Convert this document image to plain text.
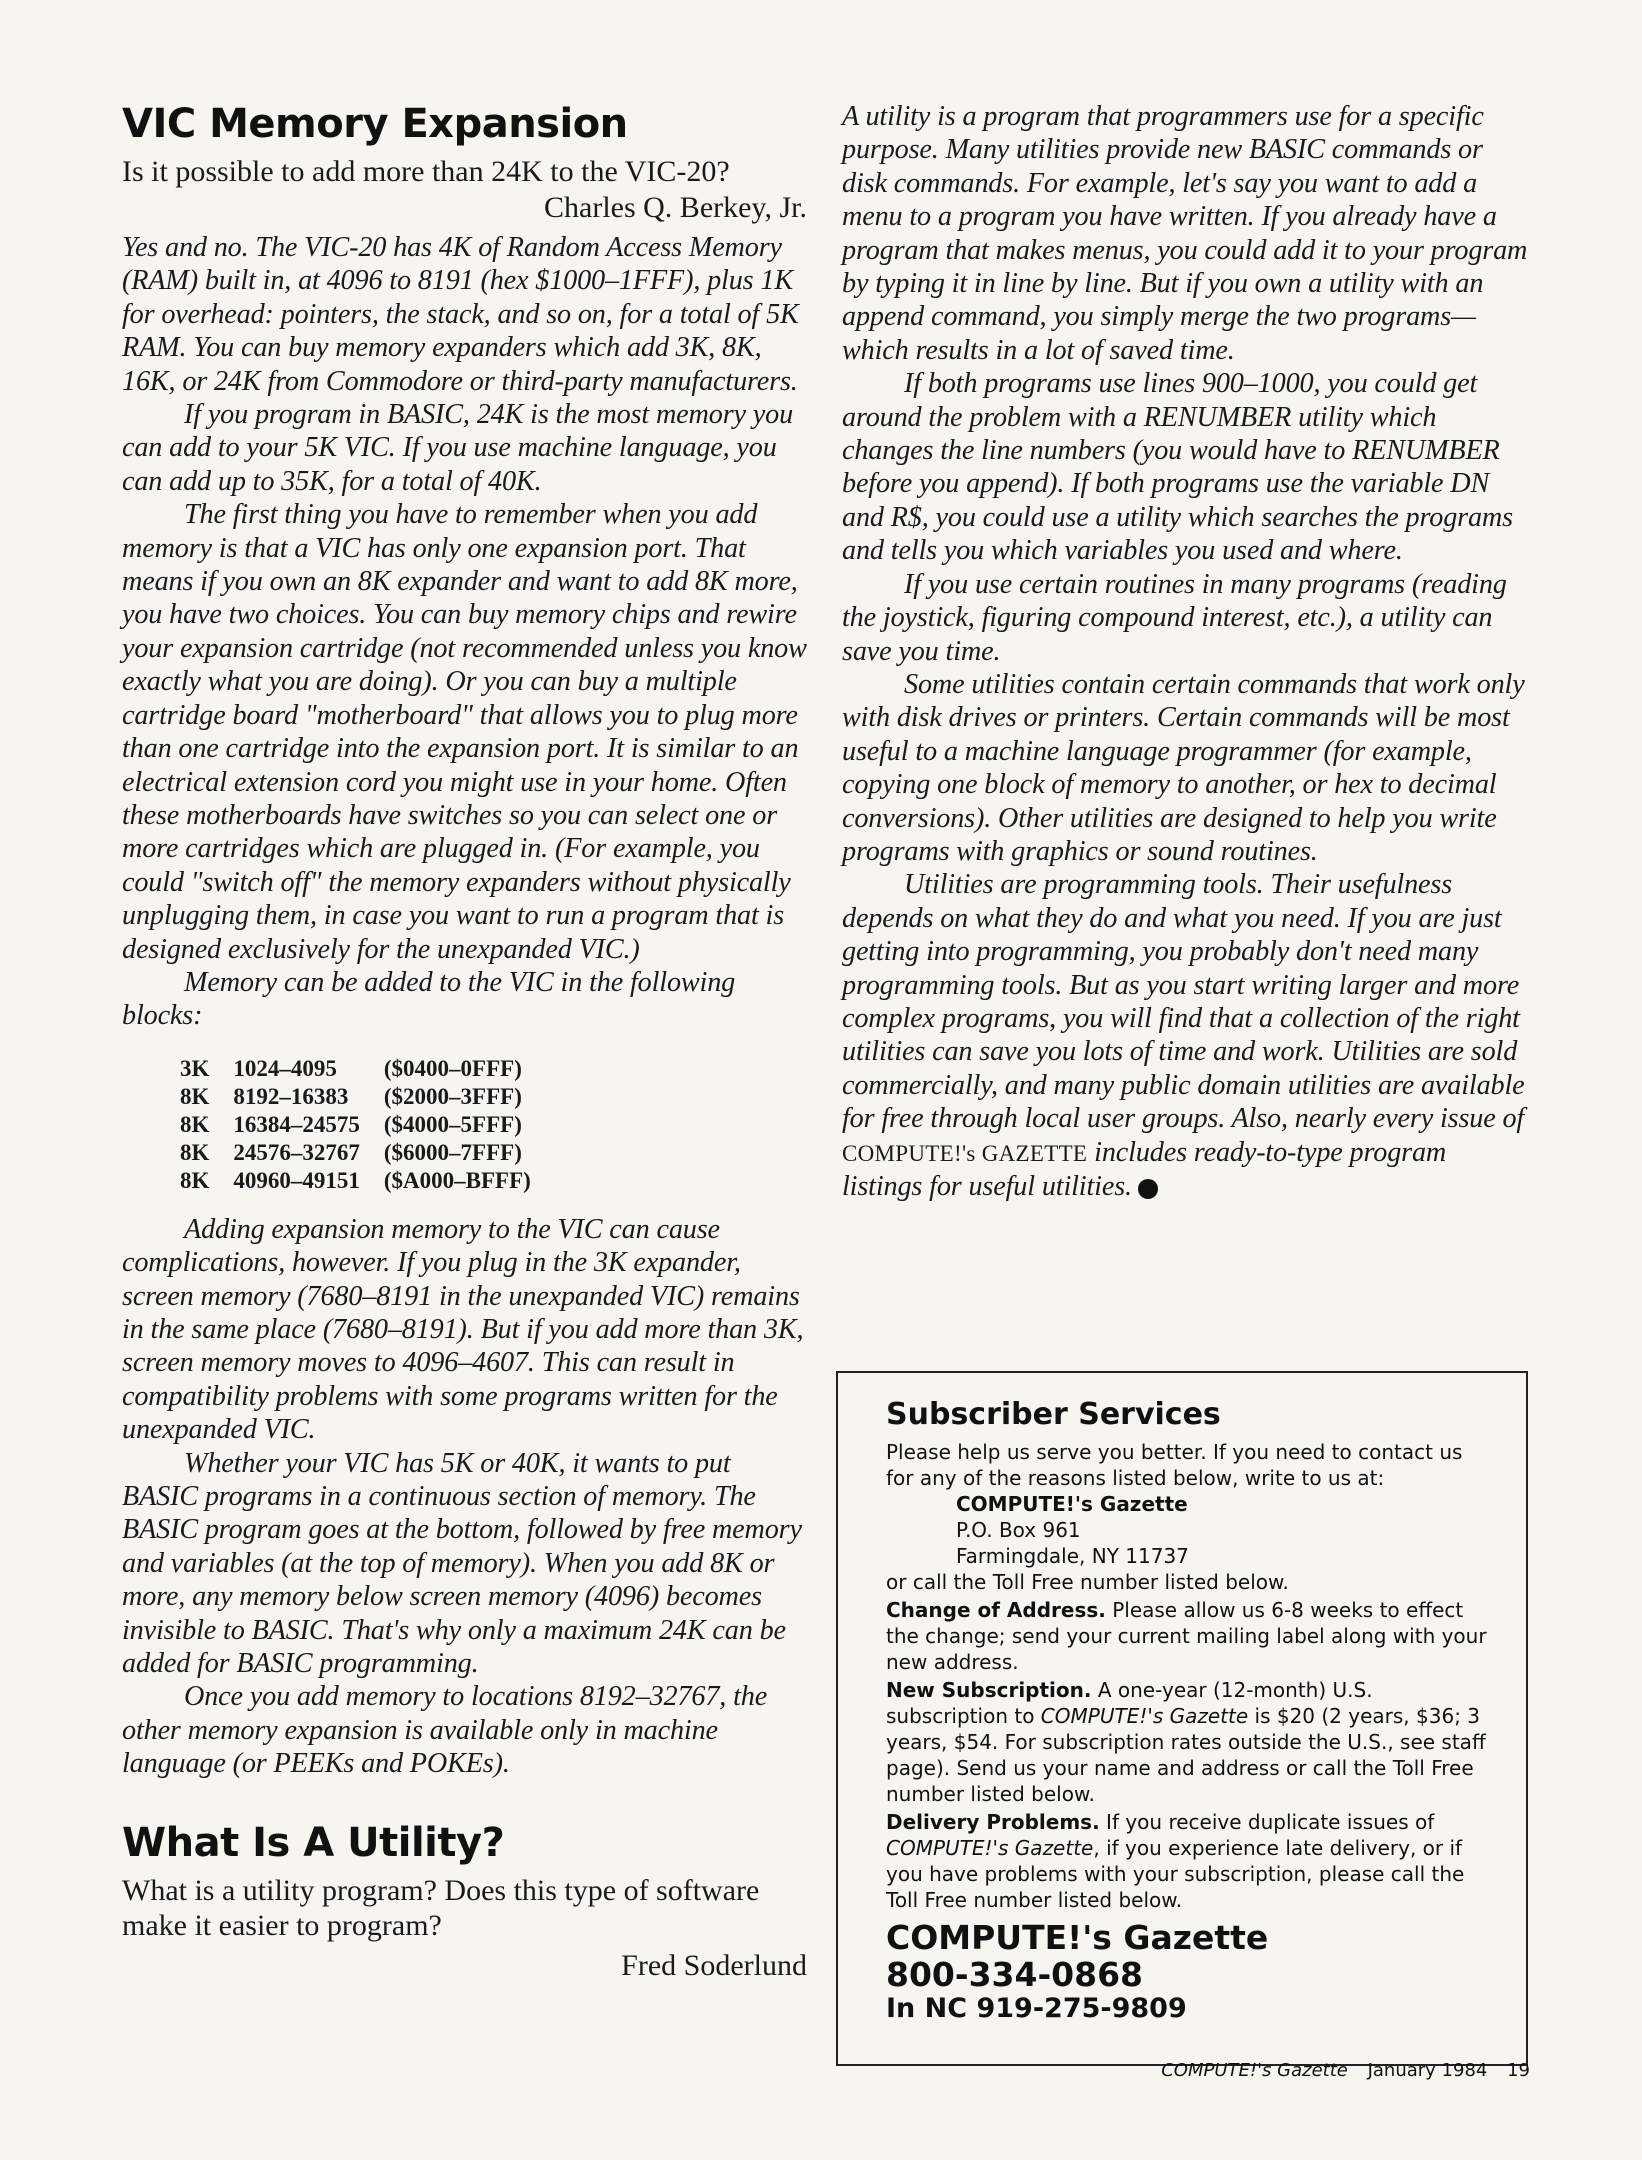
VIC Memory Expansion
Is it possible to add more than 24K to the VIC-20?
Charles Q. Berkey, Jr.

Yes and no. The VIC-20 has 4K of Random Access Memory (RAM) built in, at 4096 to 8191 (hex $1000–1FFF), plus 1K for overhead: pointers, the stack, and so on, for a total of 5K RAM. You can buy memory expanders which add 3K, 8K, 16K, or 24K from Commodore or third-party manufacturers.

If you program in BASIC, 24K is the most memory you can add to your 5K VIC. If you use machine language, you can add up to 35K, for a total of 40K.

The first thing you have to remember when you add memory is that a VIC has only one expansion port. That means if you own an 8K expander and want to add 8K more, you have two choices. You can buy memory chips and rewire your expansion cartridge (not recommended unless you know exactly what you are doing). Or you can buy a multiple cartridge board "motherboard" that allows you to plug more than one cartridge into the expansion port. It is similar to an electrical extension cord you might use in your home. Often these motherboards have switches so you can select one or more cartridges which are plugged in. (For example, you could "switch off" the memory expanders without physically unplugging them, in case you want to run a program that is designed exclusively for the unexpanded VIC.)

Memory can be added to the VIC in the following blocks:

3K	1024–4095	($0400–0FFF)
8K	8192–16383	($2000–3FFF)
8K	16384–24575	($4000–5FFF)
8K	24576–32767	($6000–7FFF)
8K	40960–49151	($A000–BFFF)

Adding expansion memory to the VIC can cause complications, however. If you plug in the 3K expander, screen memory (7680–8191 in the unexpanded VIC) remains in the same place (7680–8191). But if you add more than 3K, screen memory moves to 4096–4607. This can result in compatibility problems with some programs written for the unexpanded VIC.

Whether your VIC has 5K or 40K, it wants to put BASIC programs in a continuous section of memory. The BASIC program goes at the bottom, followed by free memory and variables (at the top of memory). When you add 8K or more, any memory below screen memory (4096) becomes invisible to BASIC. That's why only a maximum 24K can be added for BASIC programming.

Once you add memory to locations 8192–32767, the other memory expansion is available only in machine language (or PEEKs and POKEs).

What Is A Utility?
What is a utility program? Does this type of software make it easier to program?
Fred Soderlund

A utility is a program that programmers use for a specific purpose. Many utilities provide new BASIC commands or disk commands. For example, let's say you want to add a menu to a program you have written. If you already have a program that makes menus, you could add it to your program by typing it in line by line. But if you own a utility with an append command, you simply merge the two programs—which results in a lot of saved time.

If both programs use lines 900–1000, you could get around the problem with a RENUMBER utility which changes the line numbers (you would have to RENUMBER before you append). If both programs use the variable DN and R$, you could use a utility which searches the programs and tells you which variables you used and where.

If you use certain routines in many programs (reading the joystick, figuring compound interest, etc.), a utility can save you time.

Some utilities contain certain commands that work only with disk drives or printers. Certain commands will be most useful to a machine language programmer (for example, copying one block of memory to another, or hex to decimal conversions). Other utilities are designed to help you write programs with graphics or sound routines.

Utilities are programming tools. Their usefulness depends on what they do and what you need. If you are just getting into programming, you probably don't need many programming tools. But as you start writing larger and more complex programs, you will find that a collection of the right utilities can save you lots of time and work. Utilities are sold commercially, and many public domain utilities are available for free through local user groups. Also, nearly every issue of COMPUTE!'s GAZETTE includes ready-to-type program listings for useful utilities.	G

Subscriber Services

Please help us serve you better. If you need to contact us for any of the reasons listed below, write to us at:

COMPUTE!'s Gazette
P.O. Box 961
Farmingdale, NY 11737

or call the Toll Free number listed below.

Change of Address. Please allow us 6-8 weeks to effect the change; send your current mailing label along with your new address.

New Subscription. A one-year (12-month) U.S. subscription to COMPUTE!'s Gazette is $20 (2 years, $36; 3 years, $54. For subscription rates outside the U.S., see staff page). Send us your name and address or call the Toll Free number listed below.

Delivery Problems. If you receive duplicate issues of COMPUTE!'s Gazette, if you experience late delivery, or if you have problems with your subscription, please call the Toll Free number listed below.

COMPUTE!'s Gazette
800-334-0868
In NC 919-275-9809
COMPUTE!'s Gazette January 1984 19
